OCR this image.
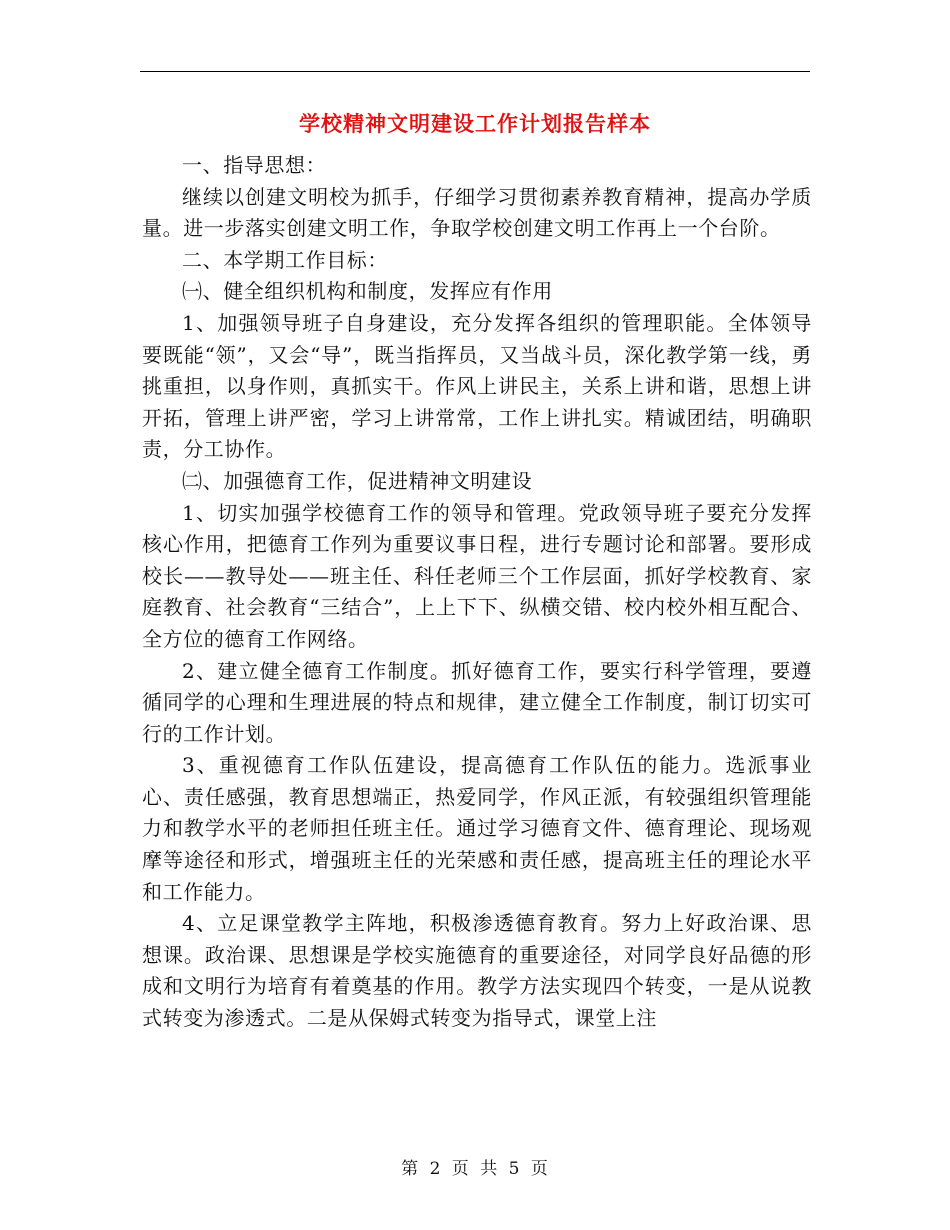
学校精神文明建设工作计划报告样本

一、指导思想：

继续以创建文明校为抓手，仔细学习贯彻素养教育精神，提高办学质量。进一步落实创建文明工作，争取学校创建文明工作再上一个台阶。

二、本学期工作目标：

㈠、健全组织机构和制度，发挥应有作用

1、加强领导班子自身建设，充分发挥各组织的管理职能。全体领导要既能“领”，又会“导”，既当指挥员，又当战斗员，深化教学第一线，勇挑重担，以身作则，真抓实干。作风上讲民主，关系上讲和谐，思想上讲开拓，管理上讲严密，学习上讲常常，工作上讲扎实。精诚团结，明确职责，分工协作。

㈡、加强德育工作，促进精神文明建设

1、切实加强学校德育工作的领导和管理。党政领导班子要充分发挥核心作用，把德育工作列为重要议事日程，进行专题讨论和部署。要形成校长——教导处——班主任、科任老师三个工作层面，抓好学校教育、家庭教育、社会教育“三结合”，上上下下、纵横交错、校内校外相互配合、全方位的德育工作网络。

2、建立健全德育工作制度。抓好德育工作，要实行科学管理，要遵循同学的心理和生理进展的特点和规律，建立健全工作制度，制订切实可行的工作计划。

3、重视德育工作队伍建设，提高德育工作队伍的能力。选派事业心、责任感强，教育思想端正，热爱同学，作风正派，有较强组织管理能力和教学水平的老师担任班主任。通过学习德育文件、德育理论、现场观摩等途径和形式，增强班主任的光荣感和责任感，提高班主任的理论水平和工作能力。

4、立足课堂教学主阵地，积极渗透德育教育。努力上好政治课、思想课。政治课、思想课是学校实施德育的重要途径，对同学良好品德的形成和文明行为培育有着奠基的作用。教学方法实现四个转变，一是从说教式转变为渗透式。二是从保姆式转变为指导式，课堂上注

第 2 页 共 5 页
